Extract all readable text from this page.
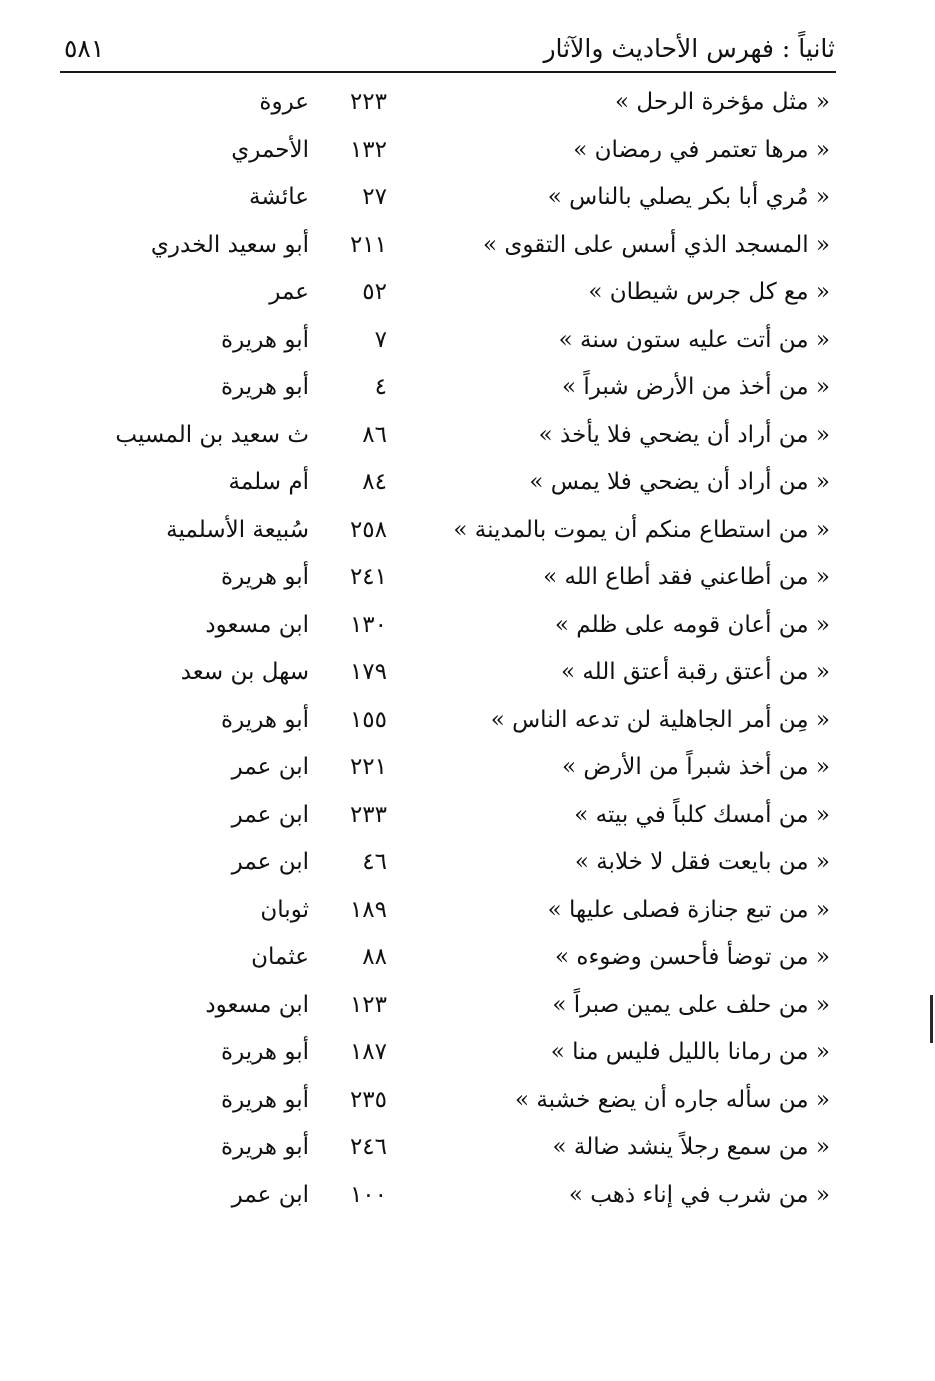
ثانياً : فهرس الأحاديث والآثار
٥٨١
« مثل مؤخرة الرحل »
٢٢٣
عروة
« مرها تعتمر في رمضان »
١٣٢
الأحمري
« مُري أبا بكر يصلي بالناس »
٢٧
عائشة
« المسجد الذي أسس على التقوى »
٢١١
أبو سعيد الخدري
« مع كل جرس شيطان »
٥٢
عمر
« من أتت عليه ستون سنة »
٧
أبو هريرة
« من أخذ من الأرض شبراً »
٤
أبو هريرة
« من أراد أن يضحي فلا يأخذ »
٨٦
ث سعيد بن المسيب
« من أراد أن يضحي فلا يمس »
٨٤
أم سلمة
« من استطاع منكم أن يموت بالمدينة »
٢٥٨
سُبيعة الأسلمية
« من أطاعني فقد أطاع الله »
٢٤١
أبو هريرة
« من أعان قومه على ظلم »
١٣٠
ابن مسعود
« من أعتق رقبة أعتق الله »
١٧٩
سهل بن سعد
« مِن أمر الجاهلية لن تدعه الناس »
١٥٥
أبو هريرة
« من أخذ شبراً من الأرض »
٢٢١
ابن عمر
« من أمسك كلباً في بيته »
٢٣٣
ابن عمر
« من بايعت فقل لا خلابة »
٤٦
ابن عمر
« من تبع جنازة فصلى عليها »
١٨٩
ثوبان
« من توضأ فأحسن وضوءه »
٨٨
عثمان
« من حلف على يمين صبراً »
١٢٣
ابن مسعود
« من رمانا بالليل فليس منا »
١٨٧
أبو هريرة
« من سأله جاره أن يضع خشبة »
٢٣٥
أبو هريرة
« من سمع رجلاً ينشد ضالة »
٢٤٦
أبو هريرة
« من شرب في إناء ذهب »
١٠٠
ابن عمر
